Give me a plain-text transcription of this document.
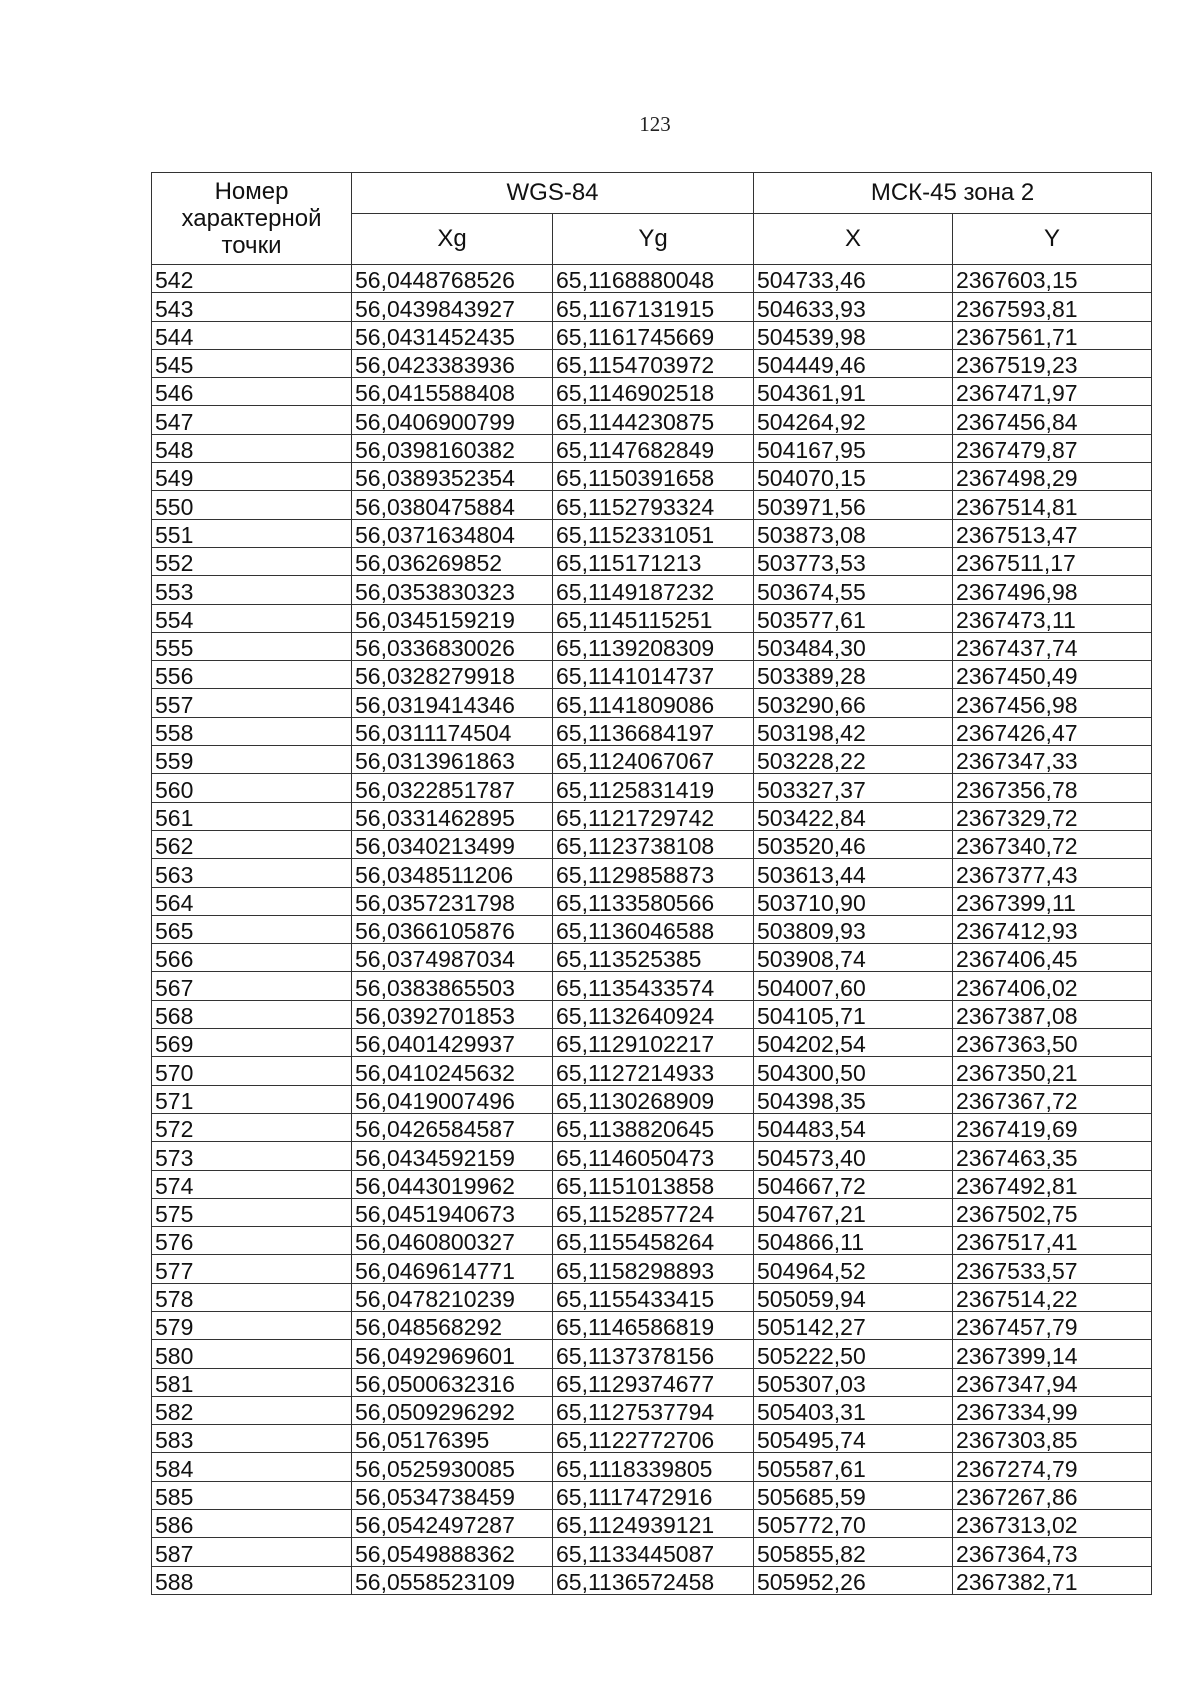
123
Номер характерной точки	WGS-84		МСК-45 зона 2	
	Xg	Yg	X	Y
542	56,0448768526	65,1168880048	504733,46	2367603,15
543	56,0439843927	65,1167131915	504633,93	2367593,81
544	56,0431452435	65,1161745669	504539,98	2367561,71
545	56,0423383936	65,1154703972	504449,46	2367519,23
546	56,0415588408	65,1146902518	504361,91	2367471,97
547	56,0406900799	65,1144230875	504264,92	2367456,84
548	56,0398160382	65,1147682849	504167,95	2367479,87
549	56,0389352354	65,1150391658	504070,15	2367498,29
550	56,0380475884	65,1152793324	503971,56	2367514,81
551	56,0371634804	65,1152331051	503873,08	2367513,47
552	56,036269852	65,115171213	503773,53	2367511,17
553	56,0353830323	65,1149187232	503674,55	2367496,98
554	56,0345159219	65,1145115251	503577,61	2367473,11
555	56,0336830026	65,1139208309	503484,30	2367437,74
556	56,0328279918	65,1141014737	503389,28	2367450,49
557	56,0319414346	65,1141809086	503290,66	2367456,98
558	56,0311174504	65,1136684197	503198,42	2367426,47
559	56,0313961863	65,1124067067	503228,22	2367347,33
560	56,0322851787	65,1125831419	503327,37	2367356,78
561	56,0331462895	65,1121729742	503422,84	2367329,72
562	56,0340213499	65,1123738108	503520,46	2367340,72
563	56,0348511206	65,1129858873	503613,44	2367377,43
564	56,0357231798	65,1133580566	503710,90	2367399,11
565	56,0366105876	65,1136046588	503809,93	2367412,93
566	56,0374987034	65,113525385	503908,74	2367406,45
567	56,0383865503	65,1135433574	504007,60	2367406,02
568	56,0392701853	65,1132640924	504105,71	2367387,08
569	56,0401429937	65,1129102217	504202,54	2367363,50
570	56,0410245632	65,1127214933	504300,50	2367350,21
571	56,0419007496	65,1130268909	504398,35	2367367,72
572	56,0426584587	65,1138820645	504483,54	2367419,69
573	56,0434592159	65,1146050473	504573,40	2367463,35
574	56,0443019962	65,1151013858	504667,72	2367492,81
575	56,0451940673	65,1152857724	504767,21	2367502,75
576	56,0460800327	65,1155458264	504866,11	2367517,41
577	56,0469614771	65,1158298893	504964,52	2367533,57
578	56,0478210239	65,1155433415	505059,94	2367514,22
579	56,048568292	65,1146586819	505142,27	2367457,79
580	56,0492969601	65,1137378156	505222,50	2367399,14
581	56,0500632316	65,1129374677	505307,03	2367347,94
582	56,0509296292	65,1127537794	505403,31	2367334,99
583	56,05176395	65,1122772706	505495,74	2367303,85
584	56,0525930085	65,1118339805	505587,61	2367274,79
585	56,0534738459	65,1117472916	505685,59	2367267,86
586	56,0542497287	65,1124939121	505772,70	2367313,02
587	56,0549888362	65,1133445087	505855,82	2367364,73
588	56,0558523109	65,1136572458	505952,26	2367382,71
